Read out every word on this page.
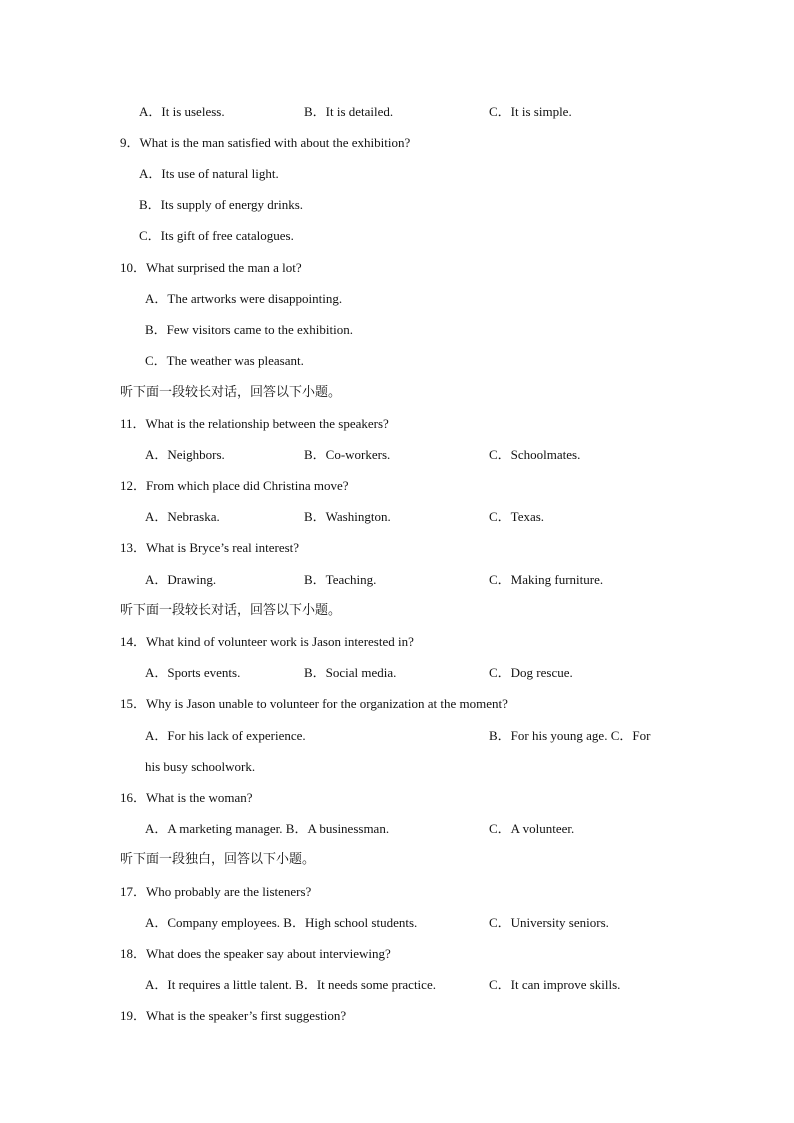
A．It is useless.	B．It is detailed.	C．It is simple.
9．What is the man satisfied with about the exhibition?
A．Its use of natural light.
B．Its supply of energy drinks.
C．Its gift of free catalogues.
10．What surprised the man a lot?
A．The artworks were disappointing.
B．Few visitors came to the exhibition.
C．The weather was pleasant.
听下面一段较长对话，回答以下小题。
11．What is the relationship between the speakers?
A．Neighbors.	B．Co-workers.	C．Schoolmates.
12．From which place did Christina move?
A．Nebraska.	B．Washington.	C．Texas.
13．What is Bryce’s real interest?
A．Drawing.	B．Teaching.	C．Making furniture.
听下面一段较长对话，回答以下小题。
14．What kind of volunteer work is Jason interested in?
A．Sports events.	B．Social media.	C．Dog rescue.
15．Why is Jason unable to volunteer for the organization at the moment?
A．For his lack of experience.	B．For his young age. C．For
his busy schoolwork.
16．What is the woman?
A．A marketing manager. B．A businessman.	C．A volunteer.
听下面一段独白，回答以下小题。
17．Who probably are the listeners?
A．Company employees. B．High school students.	C．University seniors.
18．What does the speaker say about interviewing?
A．It requires a little talent. B．It needs some practice.	C．It can improve skills.
19．What is the speaker’s first suggestion?
